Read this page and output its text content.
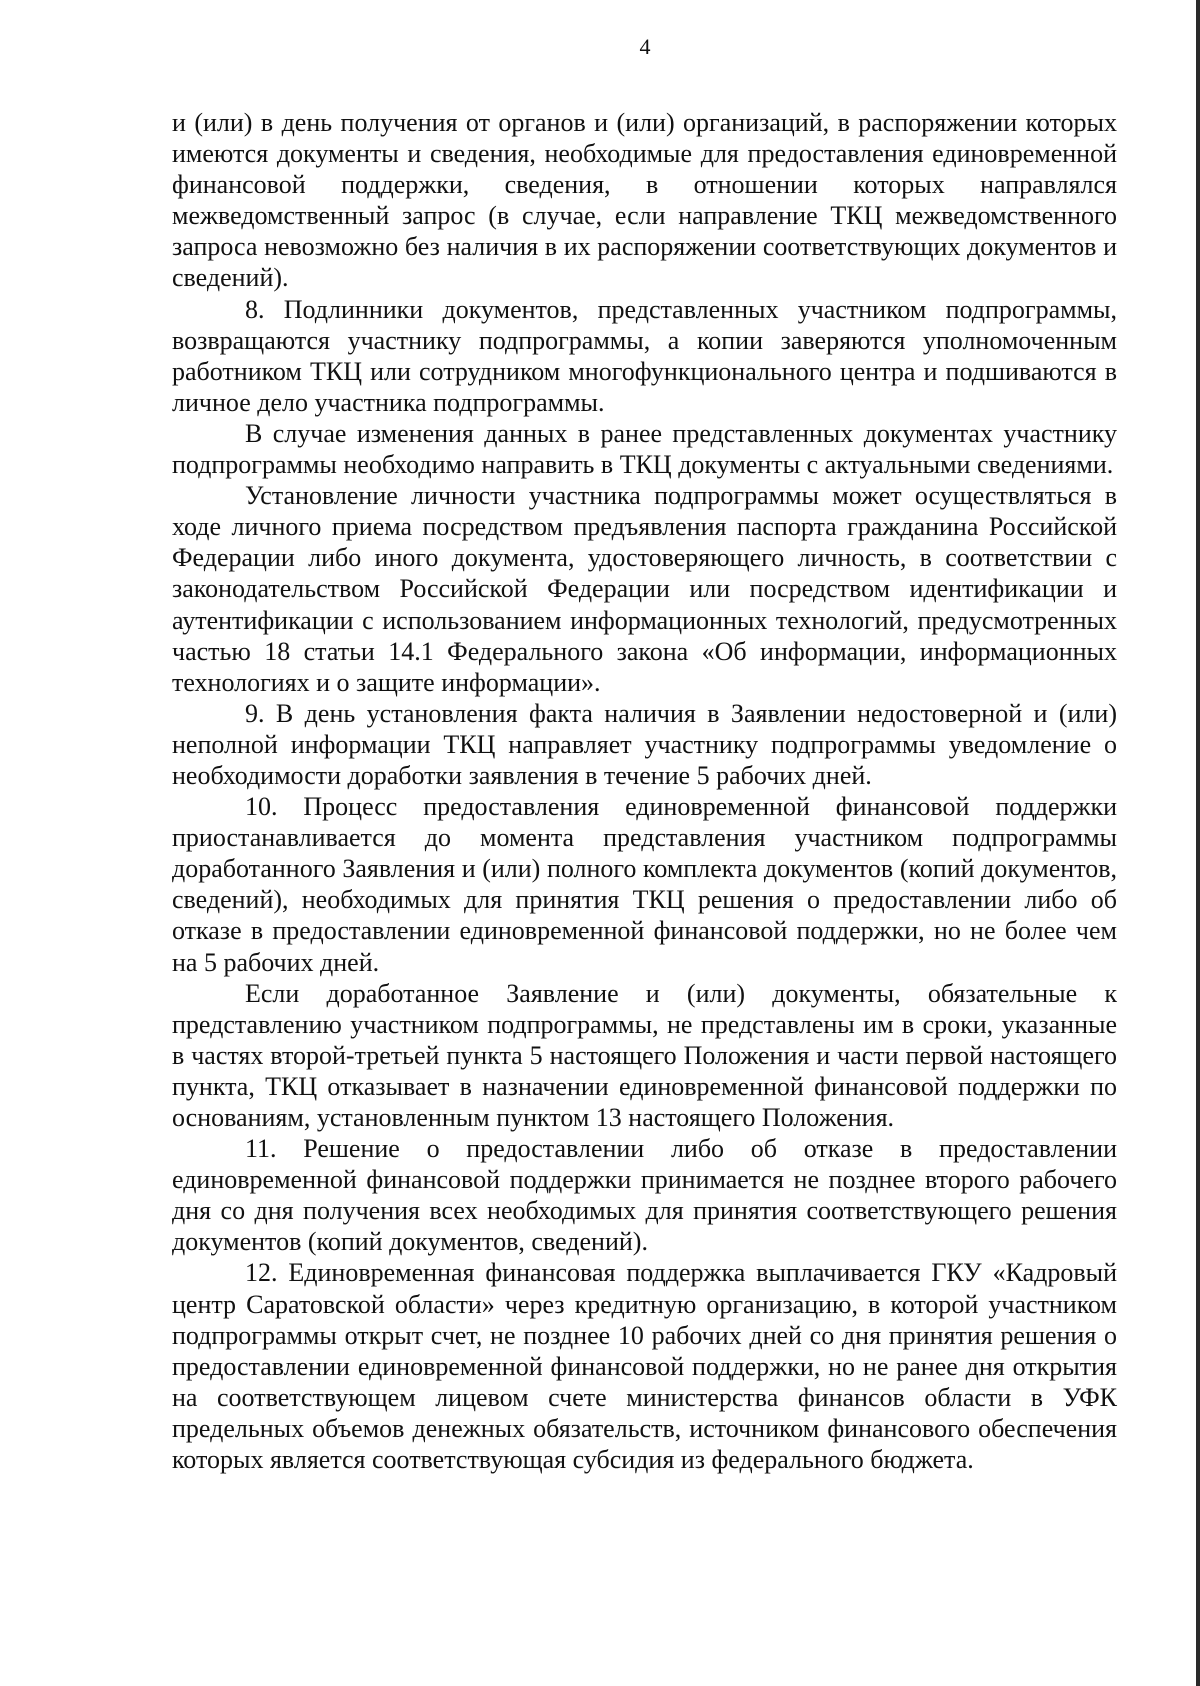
4

и (или) в день получения от органов и (или) организаций, в распоряжении которых имеются документы и сведения, необходимые для предоставления единовременной финансовой поддержки, сведения, в отношении которых направлялся межведомственный запрос (в случае, если направление ТКЦ межведомственного запроса невозможно без наличия в их распоряжении соответствующих документов и сведений).

8. Подлинники документов, представленных участником подпрограммы, возвращаются участнику подпрограммы, а копии заверяются уполномоченным работником ТКЦ или сотрудником многофункционального центра и подшиваются в личное дело участника подпрограммы.

В случае изменения данных в ранее представленных документах участнику подпрограммы необходимо направить в ТКЦ документы с актуальными сведениями.

Установление личности участника подпрограммы может осуществляться в ходе личного приема посредством предъявления паспорта гражданина Российской Федерации либо иного документа, удостоверяющего личность, в соответствии с законодательством Российской Федерации или посредством идентификации и аутентификации с использованием информационных технологий, предусмотренных частью 18 статьи 14.1 Федерального закона «Об информации, информационных технологиях и о защите информации».

9. В день установления факта наличия в Заявлении недостоверной и (или) неполной информации ТКЦ направляет участнику подпрограммы уведомление о необходимости доработки заявления в течение 5 рабочих дней.

10. Процесс предоставления единовременной финансовой поддержки приостанавливается до момента представления участником подпрограммы доработанного Заявления и (или) полного комплекта документов (копий документов, сведений), необходимых для принятия ТКЦ решения о предоставлении либо об отказе в предоставлении единовременной финансовой поддержки, но не более чем на 5 рабочих дней.

Если доработанное Заявление и (или) документы, обязательные к представлению участником подпрограммы, не представлены им в сроки, указанные в частях второй-третьей пункта 5 настоящего Положения и части первой настоящего пункта, ТКЦ отказывает в назначении единовременной финансовой поддержки по основаниям, установленным пунктом 13 настоящего Положения.

11. Решение о предоставлении либо об отказе в предоставлении единовременной финансовой поддержки принимается не позднее второго рабочего дня со дня получения всех необходимых для принятия соответствующего решения документов (копий документов, сведений).

12. Единовременная финансовая поддержка выплачивается ГКУ «Кадровый центр Саратовской области» через кредитную организацию, в которой участником подпрограммы открыт счет, не позднее 10 рабочих дней со дня принятия решения о предоставлении единовременной финансовой поддержки, но не ранее дня открытия на соответствующем лицевом счете министерства финансов области в УФК предельных объемов денежных обязательств, источником финансового обеспечения которых является соответствующая субсидия из федерального бюджета.
